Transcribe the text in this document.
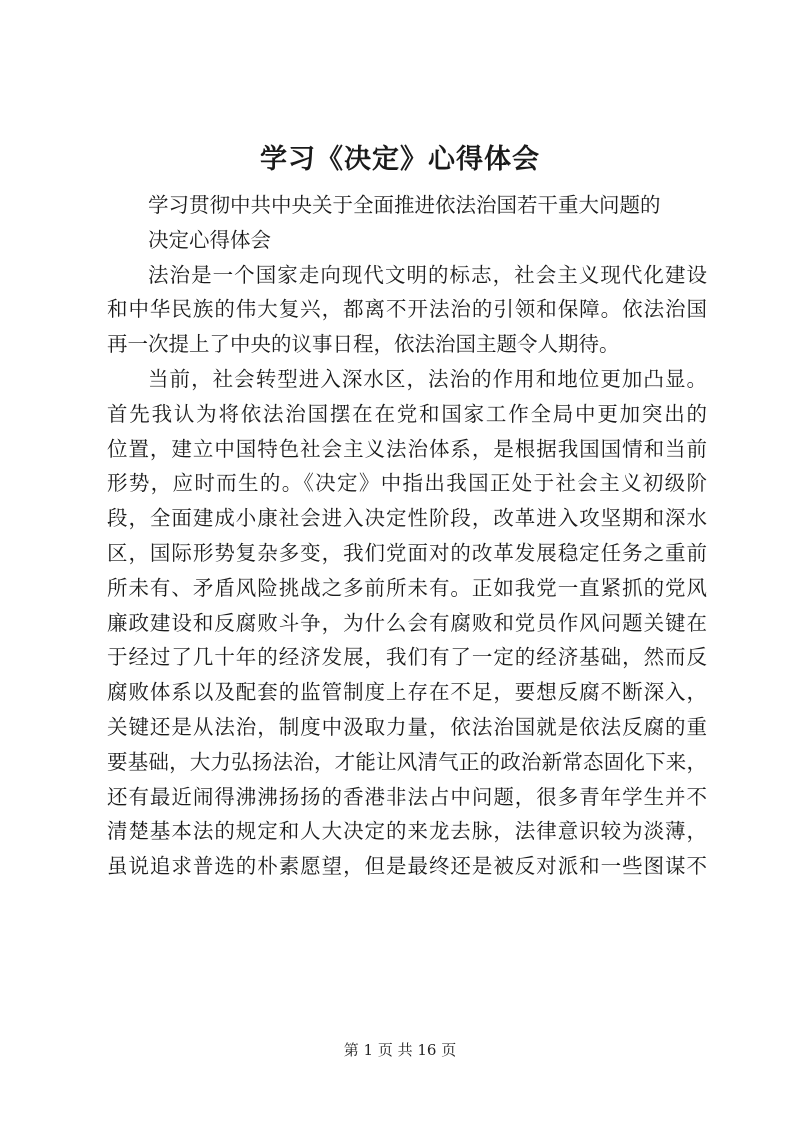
学习《决定》心得体会
学习贯彻中共中央关于全面推进依法治国若干重大问题的
决定心得体会
法治是一个国家走向现代文明的标志，社会主义现代化建设
和中华民族的伟大复兴，都离不开法治的引领和保障。依法治国
再一次提上了中央的议事日程，依法治国主题令人期待。
当前，社会转型进入深水区，法治的作用和地位更加凸显。
首先我认为将依法治国摆在在党和国家工作全局中更加突出的
位置，建立中国特色社会主义法治体系，是根据我国国情和当前
形势，应时而生的。《决定》中指出我国正处于社会主义初级阶
段，全面建成小康社会进入决定性阶段，改革进入攻坚期和深水
区，国际形势复杂多变，我们党面对的改革发展稳定任务之重前
所未有、矛盾风险挑战之多前所未有。正如我党一直紧抓的党风
廉政建设和反腐败斗争，为什么会有腐败和党员作风问题关键在
于经过了几十年的经济发展，我们有了一定的经济基础，然而反
腐败体系以及配套的监管制度上存在不足，要想反腐不断深入，
关键还是从法治，制度中汲取力量，依法治国就是依法反腐的重
要基础，大力弘扬法治，才能让风清气正的政治新常态固化下来，
还有最近闹得沸沸扬扬的香港非法占中问题，很多青年学生并不
清楚基本法的规定和人大决定的来龙去脉，法律意识较为淡薄，
虽说追求普选的朴素愿望，但是最终还是被反对派和一些图谋不
第 1 页 共 16 页
